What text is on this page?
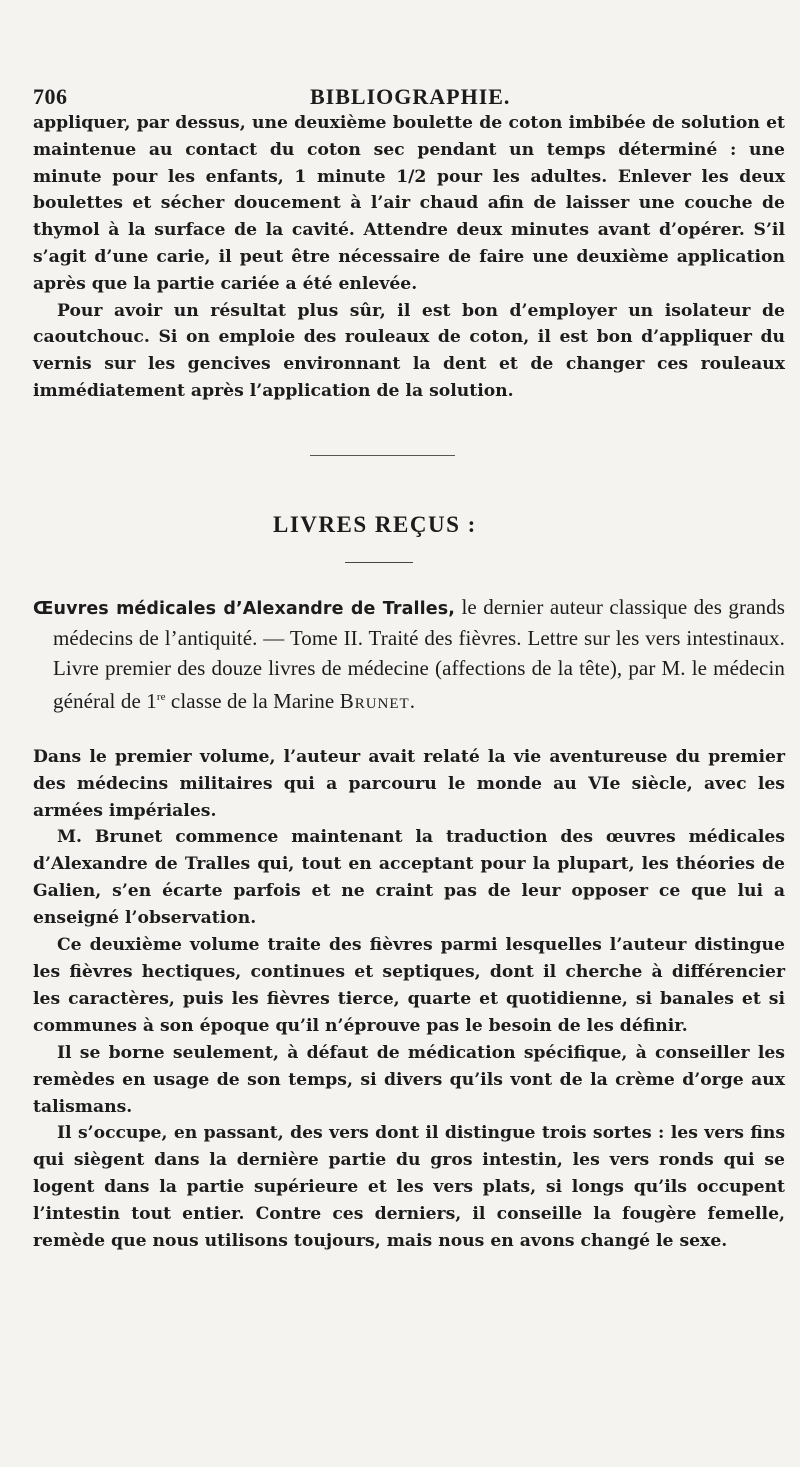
706	BIBLIOGRAPHIE.

appliquer, par dessus, une deuxième boulette de coton imbibée de solution et maintenue au contact du coton sec pendant un temps déterminé : une minute pour les enfants, 1 minute 1/2 pour les adultes. Enlever les deux boulettes et sécher doucement à l’air chaud afin de laisser une couche de thymol à la surface de la cavité. Attendre deux minutes avant d’opérer. S’il s’agit d’une carie, il peut être nécessaire de faire une deuxième application après que la partie cariée a été enlevée.

Pour avoir un résultat plus sûr, il est bon d’employer un isolateur de caoutchouc. Si on emploie des rouleaux de coton, il est bon d’appliquer du vernis sur les gencives environnant la dent et de changer ces rouleaux immédiatement après l’application de la solution.

LIVRES REÇUS :
Œuvres médicales d’Alexandre de Tralles, le dernier auteur classique des grands médecins de l’antiquité. — Tome II. Traité des fièvres. Lettre sur les vers intestinaux. Livre premier des douze livres de médecine (affections de la tête), par M. le médecin général de 1re classe de la Marine Brunet.

Dans le premier volume, l’auteur avait relaté la vie aventureuse du premier des médecins militaires qui a parcouru le monde au VIe siècle, avec les armées impériales.

M. Brunet commence maintenant la traduction des œuvres médicales d’Alexandre de Tralles qui, tout en acceptant pour la plupart, les théories de Galien, s’en écarte parfois et ne craint pas de leur opposer ce que lui a enseigné l’observation.

Ce deuxième volume traite des fièvres parmi lesquelles l’auteur distingue les fièvres hectiques, continues et septiques, dont il cherche à différencier les caractères, puis les fièvres tierce, quarte et quotidienne, si banales et si communes à son époque qu’il n’éprouve pas le besoin de les définir.

Il se borne seulement, à défaut de médication spécifique, à conseiller les remèdes en usage de son temps, si divers qu’ils vont de la crème d’orge aux talismans.

Il s’occupe, en passant, des vers dont il distingue trois sortes : les vers fins qui siègent dans la dernière partie du gros intestin, les vers ronds qui se logent dans la partie supérieure et les vers plats, si longs qu’ils occupent l’intestin tout entier. Contre ces derniers, il conseille la fougère femelle, remède que nous utilisons toujours, mais nous en avons changé le sexe.
